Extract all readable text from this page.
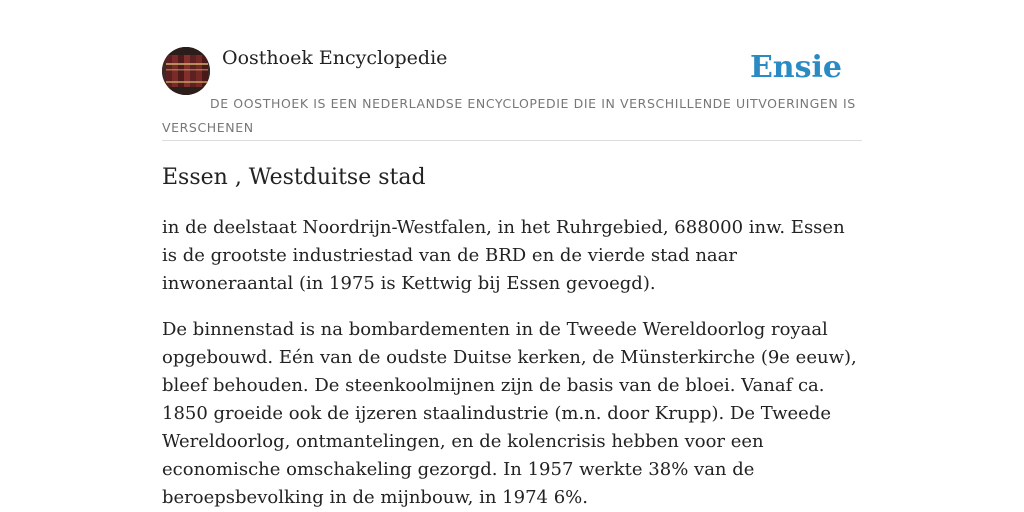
Oosthoek Encyclopedie	Ensie
DE OOSTHOEK IS EEN NEDERLANDSE ENCYCLOPEDIE DIE IN VERSCHILLENDE UITVOERINGEN IS VERSCHENEN
Essen , Westduitse stad

in de deelstaat Noordrijn-Westfalen, in het Ruhrgebied, 688000 inw. Essen is de grootste industriestad van de BRD en de vierde stad naar inwoneraantal (in 1975 is Kettwig bij Essen gevoegd).

De binnenstad is na bombardementen in de Tweede Wereldoorlog royaal opgebouwd. Eén van de oudste Duitse kerken, de Münsterkirche (9e eeuw), bleef behouden. De steenkoolmijnen zijn de basis van de bloei. Vanaf ca. 1850 groeide ook de ijzeren staalindustrie (m.n. door Krupp). De Tweede Wereldoorlog, ontmantelingen, en de kolencrisis hebben voor een economische omschakeling gezorgd. In 1957 werkte 38% van de beroepsbevolking in de mijnbouw, in 1974 6%.
